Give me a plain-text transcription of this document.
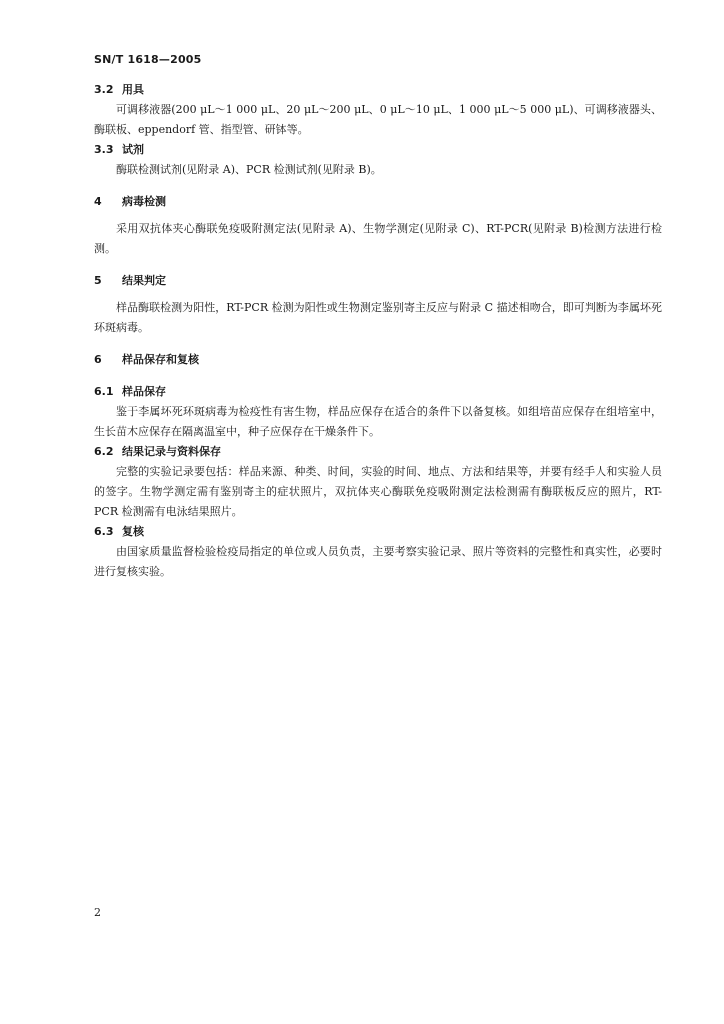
SN/T 1618—2005
3.2 用具

可调移液器(200 μL～1 000 μL、20 μL～200 μL、0 μL～10 μL、1 000 μL～5 000 μL)、可调移液器头、酶联板、eppendorf 管、指型管、研钵等。

3.3 试剂

酶联检测试剂(见附录 A)、PCR 检测试剂(见附录 B)。

4 病毒检测

采用双抗体夹心酶联免疫吸附测定法(见附录 A)、生物学测定(见附录 C)、RT-PCR(见附录 B)检测方法进行检测。

5 结果判定

样品酶联检测为阳性，RT-PCR 检测为阳性或生物测定鉴别寄主反应与附录 C 描述相吻合，即可判断为李属坏死环斑病毒。

6 样品保存和复核
6.1 样品保存

鉴于李属坏死环斑病毒为检疫性有害生物，样品应保存在适合的条件下以备复核。如组培苗应保存在组培室中，生长苗木应保存在隔离温室中，种子应保存在干燥条件下。

6.2 结果记录与资料保存

完整的实验记录要包括：样品来源、种类、时间，实验的时间、地点、方法和结果等，并要有经手人和实验人员的签字。生物学测定需有鉴别寄主的症状照片，双抗体夹心酶联免疫吸附测定法检测需有酶联板反应的照片，RT-PCR 检测需有电泳结果照片。

6.3 复核

由国家质量监督检验检疫局指定的单位或人员负责，主要考察实验记录、照片等资料的完整性和真实性，必要时进行复核实验。

2
